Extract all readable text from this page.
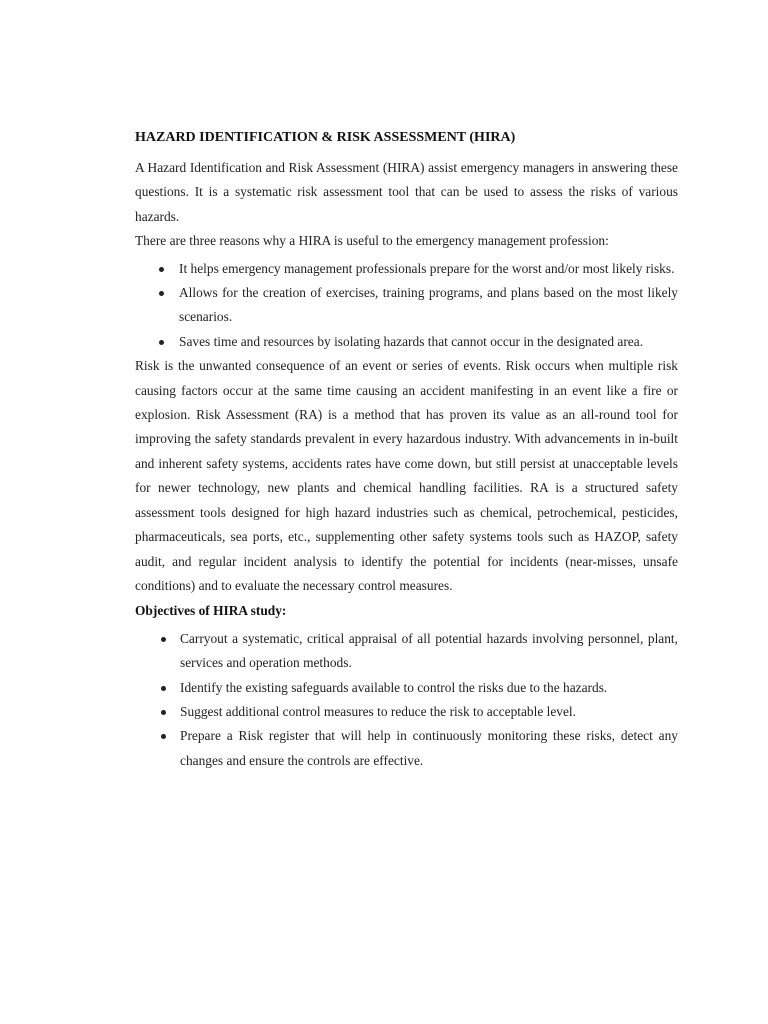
HAZARD IDENTIFICATION & RISK ASSESSMENT (HIRA)

A Hazard Identification and Risk Assessment (HIRA) assist emergency managers in answering these questions. It is a systematic risk assessment tool that can be used to assess the risks of various hazards.

There are three reasons why a HIRA is useful to the emergency management profession:

It helps emergency management professionals prepare for the worst and/or most likely risks.
Allows for the creation of exercises, training programs, and plans based on the most likely scenarios.
Saves time and resources by isolating hazards that cannot occur in the designated area.

Risk is the unwanted consequence of an event or series of events. Risk occurs when multiple risk causing factors occur at the same time causing an accident manifesting in an event like a fire or explosion. Risk Assessment (RA) is a method that has proven its value as an all-round tool for improving the safety standards prevalent in every hazardous industry. With advancements in in-built and inherent safety systems, accidents rates have come down, but still persist at unacceptable levels for newer technology, new plants and chemical handling facilities. RA is a structured safety assessment tools designed for high hazard industries such as chemical, petrochemical, pesticides, pharmaceuticals, sea ports, etc., supplementing other safety systems tools such as HAZOP, safety audit, and regular incident analysis to identify the potential for incidents (near-misses, unsafe conditions) and to evaluate the necessary control measures.

Objectives of HIRA study:
Carryout a systematic, critical appraisal of all potential hazards involving personnel, plant, services and operation methods.
Identify the existing safeguards available to control the risks due to the hazards.
Suggest additional control measures to reduce the risk to acceptable level.
Prepare a Risk register that will help in continuously monitoring these risks, detect any changes and ensure the controls are effective.
